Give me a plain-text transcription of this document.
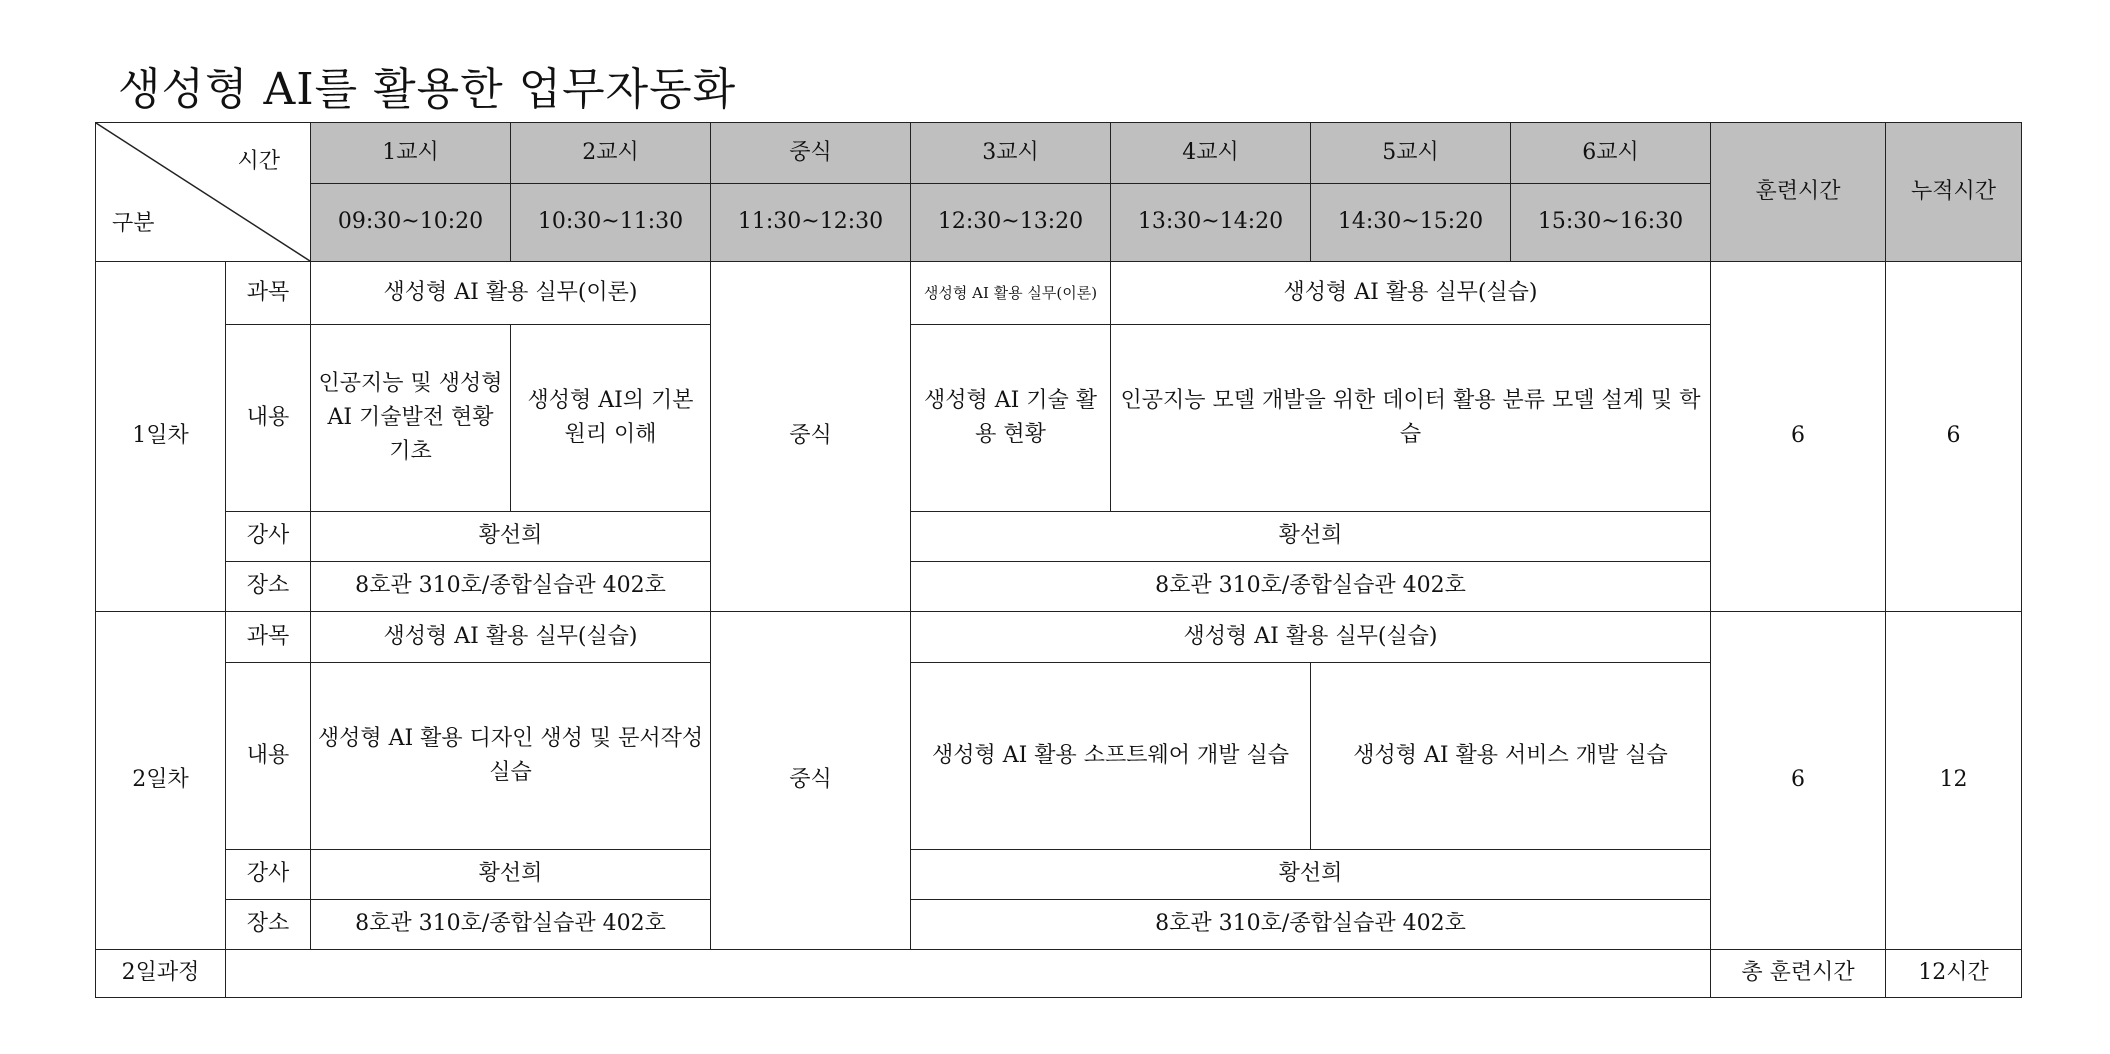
생성형 AI를 활용한 업무자동화
시간
구분		1교시	2교시	중식	3교시	4교시	5교시	6교시	훈련시간	누적시간
		09:30~10:20	10:30~11:30	11:30~12:30	12:30~13:20	13:30~14:20	14:30~15:20	15:30~16:30		
1일차	과목	생성형 AI 활용 실무(이론)		중식	생성형 AI 활용 실무(이론)	생성형 AI 활용 실무(실습)			6	6
	내용	인공지능 및 생성형 AI 기술발전 현황 기초	생성형 AI의 기본 원리 이해		생성형 AI 기술 활용 현황	인공지능 모델 개발을 위한 데이터 활용 분류 모델 설계 및 학습				
	강사	황선희			황선희					
	장소	8호관 310호/종합실습관 402호			8호관 310호/종합실습관 402호					
2일차	과목	생성형 AI 활용 실무(실습)		중식	생성형 AI 활용 실무(실습)				6	12
	내용	생성형 AI 활용 디자인 생성 및 문서작성 실습			생성형 AI 활용 소프트웨어 개발 실습		생성형 AI 활용 서비스 개발 실습			
	강사	황선희			황선희					
	장소	8호관 310호/종합실습관 402호			8호관 310호/종합실습관 402호					
2일과정									총 훈련시간	12시간
